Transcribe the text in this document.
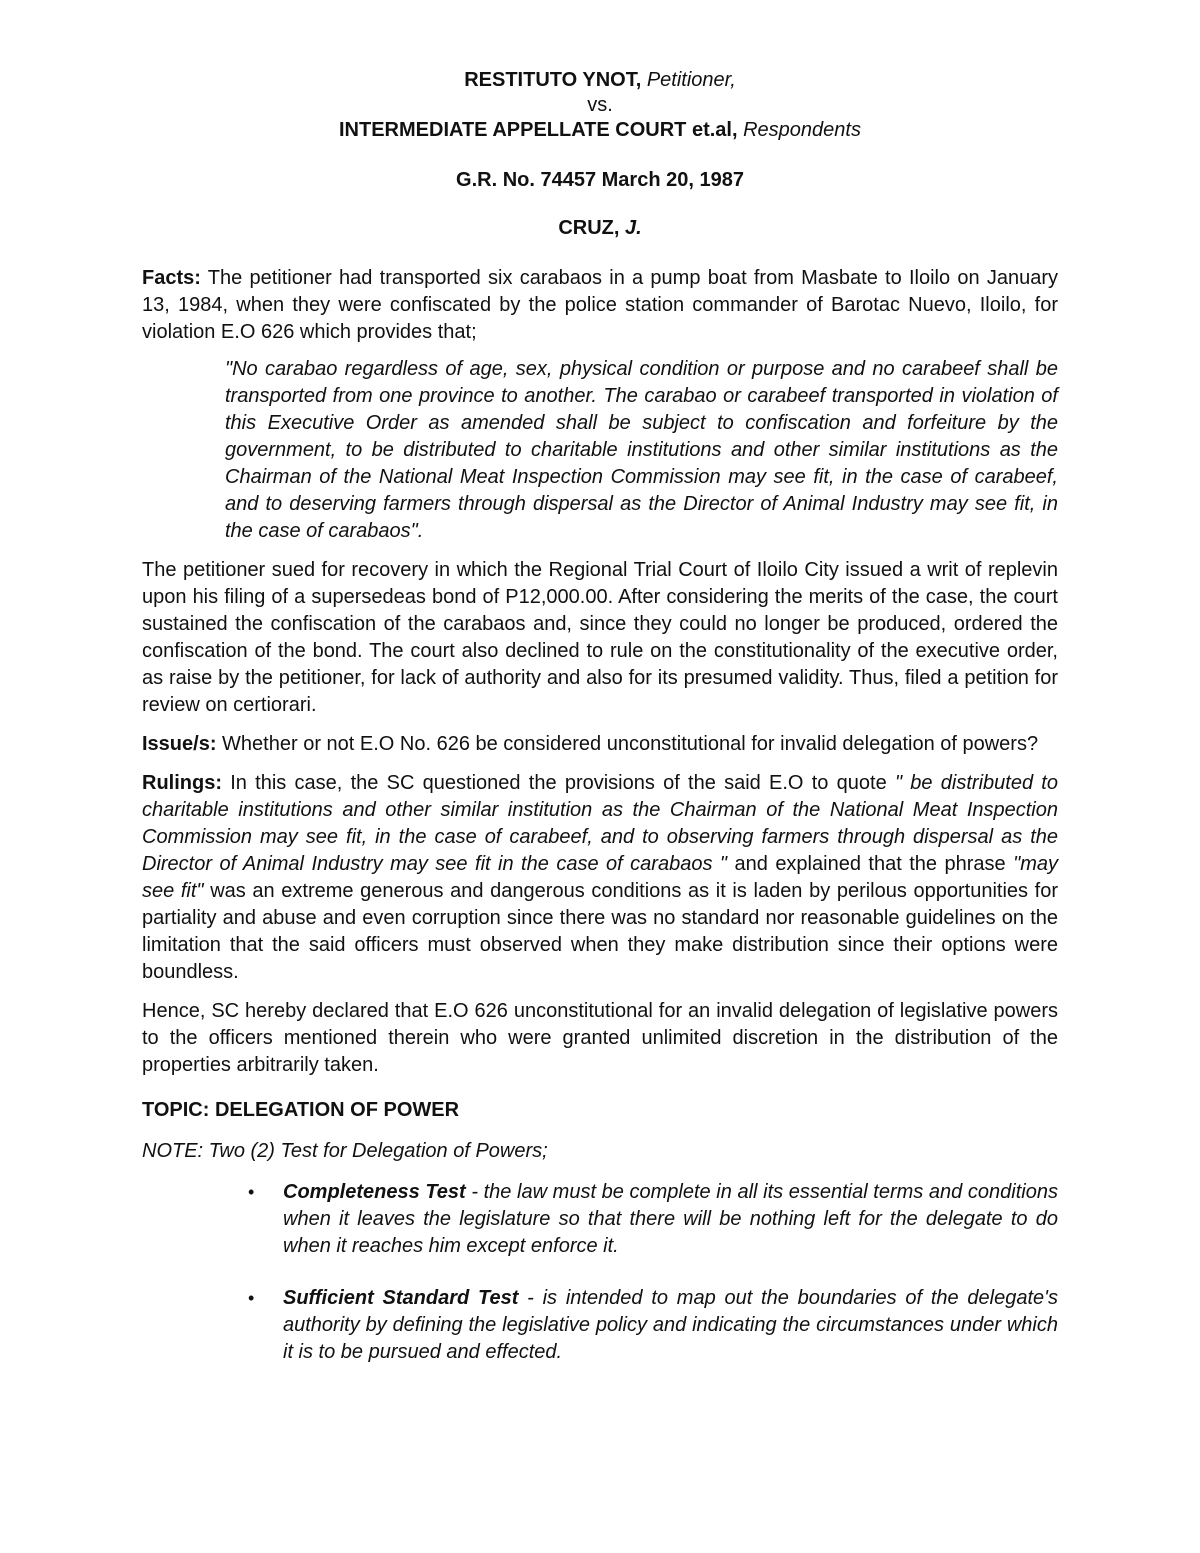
RESTITUTO YNOT, Petitioner,
vs.
INTERMEDIATE APPELLATE COURT et.al, Respondents
G.R. No. 74457 March 20, 1987
CRUZ, J.

Facts: The petitioner had transported six carabaos in a pump boat from Masbate to Iloilo on January 13, 1984, when they were confiscated by the police station commander of Barotac Nuevo, Iloilo, for violation E.O 626 which provides that;

"No carabao regardless of age, sex, physical condition or purpose and no carabeef shall be transported from one province to another. The carabao or carabeef transported in violation of this Executive Order as amended shall be subject to confiscation and forfeiture by the government, to be distributed to charitable institutions and other similar institutions as the Chairman of the National Meat Inspection Commission may see fit, in the case of carabeef, and to deserving farmers through dispersal as the Director of Animal Industry may see fit, in the case of carabaos".

The petitioner sued for recovery in which the Regional Trial Court of Iloilo City issued a writ of replevin upon his filing of a supersedeas bond of P12,000.00. After considering the merits of the case, the court sustained the confiscation of the carabaos and, since they could no longer be produced, ordered the confiscation of the bond. The court also declined to rule on the constitutionality of the executive order, as raise by the petitioner, for lack of authority and also for its presumed validity. Thus, filed a petition for review on certiorari.

Issue/s: Whether or not E.O No. 626 be considered unconstitutional for invalid delegation of powers?

Rulings: In this case, the SC questioned the provisions of the said E.O to quote " be distributed to charitable institutions and other similar institution as the Chairman of the National Meat Inspection Commission may see fit, in the case of carabeef, and to observing farmers through dispersal as the Director of Animal Industry may see fit in the case of carabaos " and explained that the phrase "may see fit" was an extreme generous and dangerous conditions as it is laden by perilous opportunities for partiality and abuse and even corruption since there was no standard nor reasonable guidelines on the limitation that the said officers must observed when they make distribution since their options were boundless.

Hence, SC hereby declared that E.O 626 unconstitutional for an invalid delegation of legislative powers to the officers mentioned therein who were granted unlimited discretion in the distribution of the properties arbitrarily taken.

TOPIC: DELEGATION OF POWER

NOTE: Two (2) Test for Delegation of Powers;

• Completeness Test - the law must be complete in all its essential terms and conditions when it leaves the legislature so that there will be nothing left for the delegate to do when it reaches him except enforce it.
• Sufficient Standard Test - is intended to map out the boundaries of the delegate's authority by defining the legislative policy and indicating the circumstances under which it is to be pursued and effected.
